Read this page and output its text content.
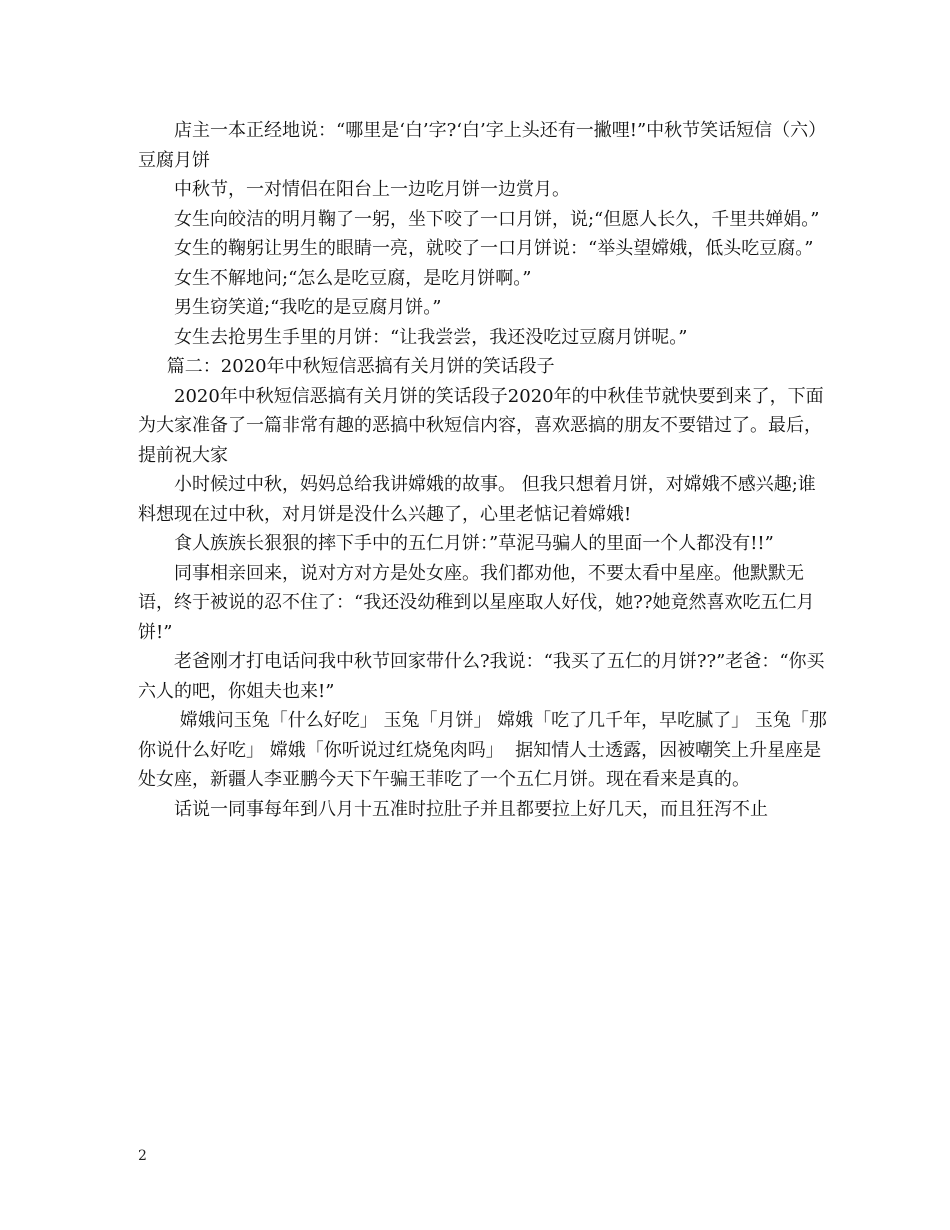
店主一本正经地说：“哪里是‘白’字?‘白’字上头还有一撇哩!”中秋节笑话短信（六）豆腐月饼

中秋节，一对情侣在阳台上一边吃月饼一边赏月。

女生向皎洁的明月鞠了一躬，坐下咬了一口月饼，说;“但愿人长久，千里共婵娟。”

女生的鞠躬让男生的眼睛一亮，就咬了一口月饼说：“举头望嫦娥，低头吃豆腐。”

女生不解地问;“怎么是吃豆腐，是吃月饼啊。”

男生窃笑道;“我吃的是豆腐月饼。”

女生去抢男生手里的月饼：“让我尝尝，我还没吃过豆腐月饼呢。”

篇二：2020年中秋短信恶搞有关月饼的笑话段子

2020年中秋短信恶搞有关月饼的笑话段子2020年的中秋佳节就快要到来了，下面为大家准备了一篇非常有趣的恶搞中秋短信内容，喜欢恶搞的朋友不要错过了。最后，提前祝大家

小时候过中秋，妈妈总给我讲嫦娥的故事。 但我只想着月饼，对嫦娥不感兴趣;谁料想现在过中秋，对月饼是没什么兴趣了，心里老惦记着嫦娥!

食人族族长狠狠的摔下手中的五仁月饼：”草泥马骗人的里面一个人都没有!!”

同事相亲回来，说对方对方是处女座。我们都劝他，不要太看中星座。他默默无语，终于被说的忍不住了：“我还没幼稚到以星座取人好伐，她??她竟然喜欢吃五仁月饼!”

老爸刚才打电话问我中秋节回家带什么?我说：“我买了五仁的月饼??”老爸：“你买六人的吧，你姐夫也来!”

嫦娥问玉兔「什么好吃」 玉兔「月饼」 嫦娥「吃了几千年，早吃腻了」 玉兔「那你说什么好吃」 嫦娥「你听说过红烧兔肉吗」  据知情人士透露，因被嘲笑上升星座是处女座，新疆人李亚鹏今天下午骗王菲吃了一个五仁月饼。现在看来是真的。

话说一同事每年到八月十五准时拉肚子并且都要拉上好几天，而且狂泻不止

2
